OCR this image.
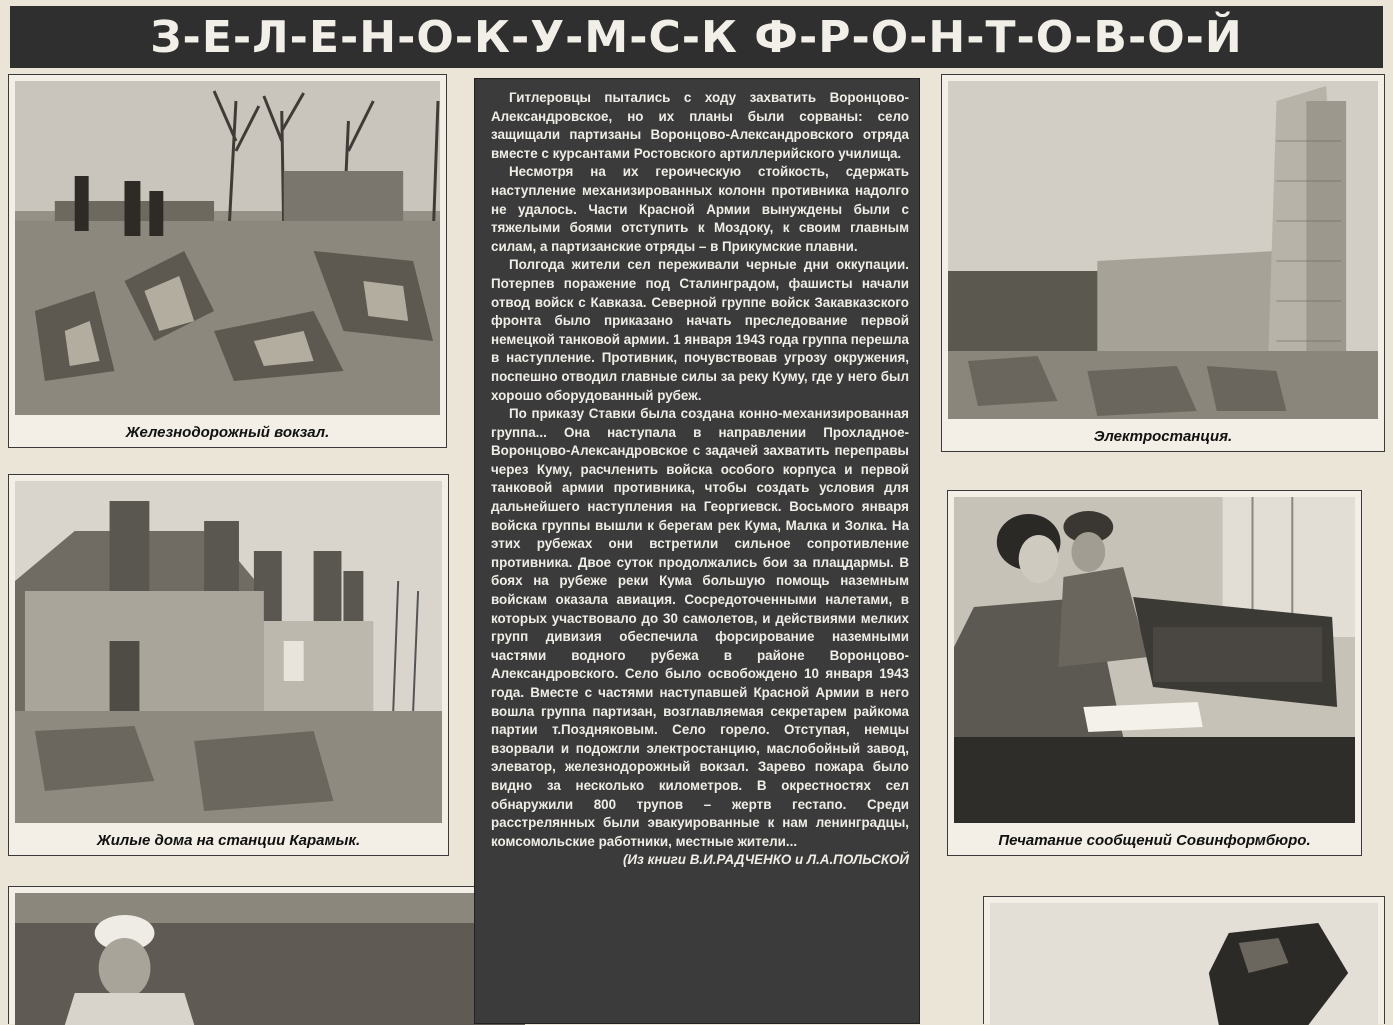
З-Е-Л-Е-Н-О-К-У-М-С-К Ф-Р-О-Н-Т-О-В-О-Й
Железнодорожный вокзал.	Электростанция.
Жилые дома на станции Карамык.	Печатание сообщений Совинформбюро.

Гитлеровцы пытались с ходу захватить Воронцово-Александровское, но их планы были сорваны: село защищали партизаны Воронцово-Александровского отряда вместе с курсантами Ростовского артиллерийского училища.

Несмотря на их героическую стойкость, сдержать наступление механизированных колонн противника надолго не удалось. Части Красной Армии вынуждены были с тяжелыми боями отступить к Моздоку, к своим главным силам, а партизанские отряды – в Прикумские плавни.

Полгода жители сел переживали черные дни оккупации. Потерпев поражение под Сталинградом, фашисты начали отвод войск с Кавказа. Северной группе войск Закавказского фронта было приказано начать преследование первой немецкой танковой армии. 1 января 1943 года группа перешла в наступление. Противник, почувствовав угрозу окружения, поспешно отводил главные силы за реку Куму, где у него был хорошо оборудованный рубеж.

По приказу Ставки была создана конно-механизированная группа... Она наступала в направлении Прохладное-Воронцово-Александровское с задачей захватить переправы через Куму, расчленить войска особого корпуса и первой танковой армии противника, чтобы создать условия для дальнейшего наступления на Георгиевск. Восьмого января войска группы вышли к берегам рек Кума, Малка и Золка. На этих рубежах они встретили сильное сопротивление противника. Двое суток продолжались бои за плацдармы. В боях на рубеже реки Кума большую помощь наземным войскам оказала авиация. Сосредоточенными налетами, в которых участвовало до 30 самолетов, и действиями мелких групп дивизия обеспечила форсирование наземными частями водного рубежа в районе Воронцово-Александровского. Село было освобождено 10 января 1943 года. Вместе с частями наступавшей Красной Армии в него вошла группа партизан, возглавляемая секретарем райкома партии т.Поздняковым. Село горело. Отступая, немцы взорвали и подожгли электростанцию, маслобойный завод, элеватор, железнодорожный вокзал. Зарево пожара было видно за несколько километров. В окрестностях сел обнаружили 800 трупов – жертв гестапо. Среди расстрелянных были эвакуированные к нам ленинградцы, комсомольские работники, местные жители...

(Из книги В.И.РАДЧЕНКО и Л.А.ПОЛЬСКОЙ
